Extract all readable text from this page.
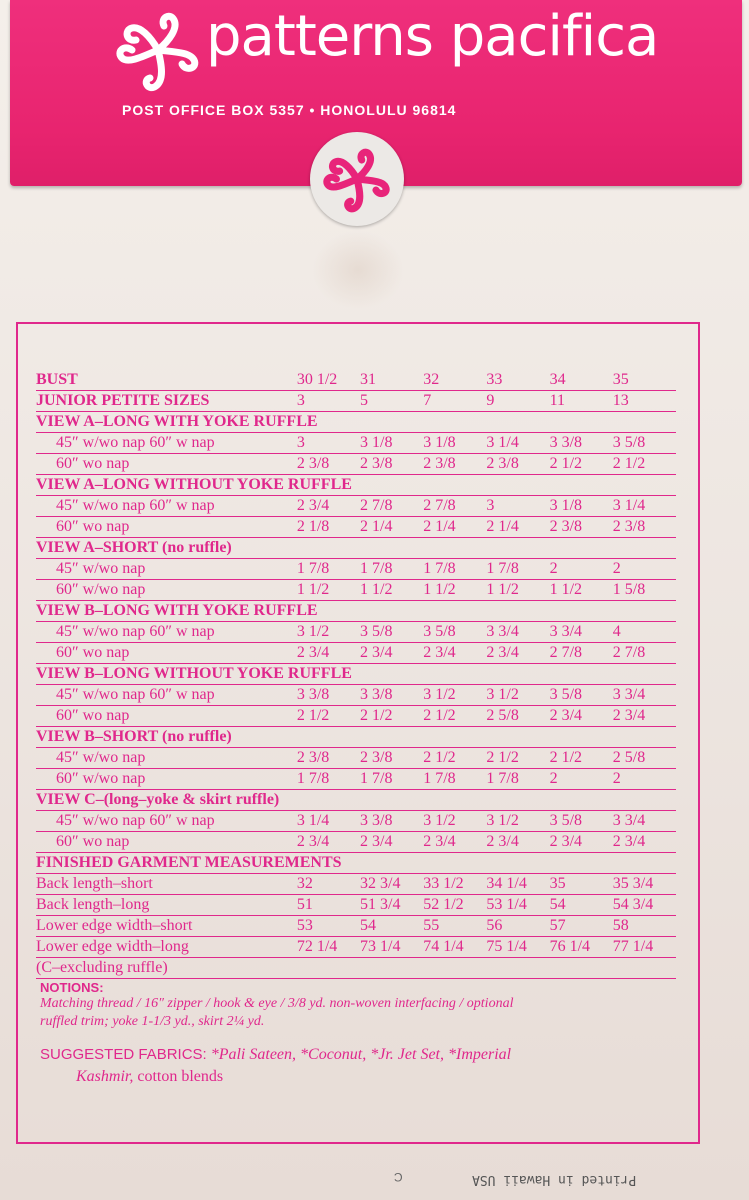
patterns pacifica
POST OFFICE BOX 5357 • HONOLULU 96814
BUST	30 1/2	31	32	33	34	35
JUNIOR PETITE SIZES	3	5	7	9	11	13
VIEW A–LONG WITH YOKE RUFFLE						
45″ w/wo nap 60″ w nap	3	3 1/8	3 1/8	3 1/4	3 3/8	3 5/8
60″ wo nap	2 3/8	2 3/8	2 3/8	2 3/8	2 1/2	2 1/2
VIEW A–LONG WITHOUT YOKE RUFFLE						
45″ w/wo nap 60″ w nap	2 3/4	2 7/8	2 7/8	3	3 1/8	3 1/4
60″ wo nap	2 1/8	2 1/4	2 1/4	2 1/4	2 3/8	2 3/8
VIEW A–SHORT (no ruffle)						
45″ w/wo nap	1 7/8	1 7/8	1 7/8	1 7/8	2	2
60″ w/wo nap	1 1/2	1 1/2	1 1/2	1 1/2	1 1/2	1 5/8
VIEW B–LONG WITH YOKE RUFFLE						
45″ w/wo nap 60″ w nap	3 1/2	3 5/8	3 5/8	3 3/4	3 3/4	4
60″ wo nap	2 3/4	2 3/4	2 3/4	2 3/4	2 7/8	2 7/8
VIEW B–LONG WITHOUT YOKE RUFFLE						
45″ w/wo nap 60″ w nap	3 3/8	3 3/8	3 1/2	3 1/2	3 5/8	3 3/4
60″ wo nap	2 1/2	2 1/2	2 1/2	2 5/8	2 3/4	2 3/4
VIEW B–SHORT (no ruffle)						
45″ w/wo nap	2 3/8	2 3/8	2 1/2	2 1/2	2 1/2	2 5/8
60″ w/wo nap	1 7/8	1 7/8	1 7/8	1 7/8	2	2
VIEW C–(long–yoke & skirt ruffle)						
45″ w/wo nap 60″ w nap	3 1/4	3 3/8	3 1/2	3 1/2	3 5/8	3 3/4
60″ wo nap	2 3/4	2 3/4	2 3/4	2 3/4	2 3/4	2 3/4
FINISHED GARMENT MEASUREMENTS						
Back length–short	32	32 3/4	33 1/2	34 1/4	35	35 3/4
Back length–long	51	51 3/4	52 1/2	53 1/4	54	54 3/4
Lower edge width–short	53	54	55	56	57	58
Lower edge width–long	72 1/4	73 1/4	74 1/4	75 1/4	76 1/4	77 1/4
(C–excluding ruffle)						
NOTIONS:
Matching thread / 16″ zipper / hook & eye / 3/8 yd. non-woven interfacing / optional
ruffled trim; yoke 1-1/3 yd., skirt 2¼ yd.
SUGGESTED FABRICS: *Pali Sateen, *Coconut, *Jr. Jet Set, *Imperial
Kashmir, cotton blends
C	Printed in Hawaii USA
